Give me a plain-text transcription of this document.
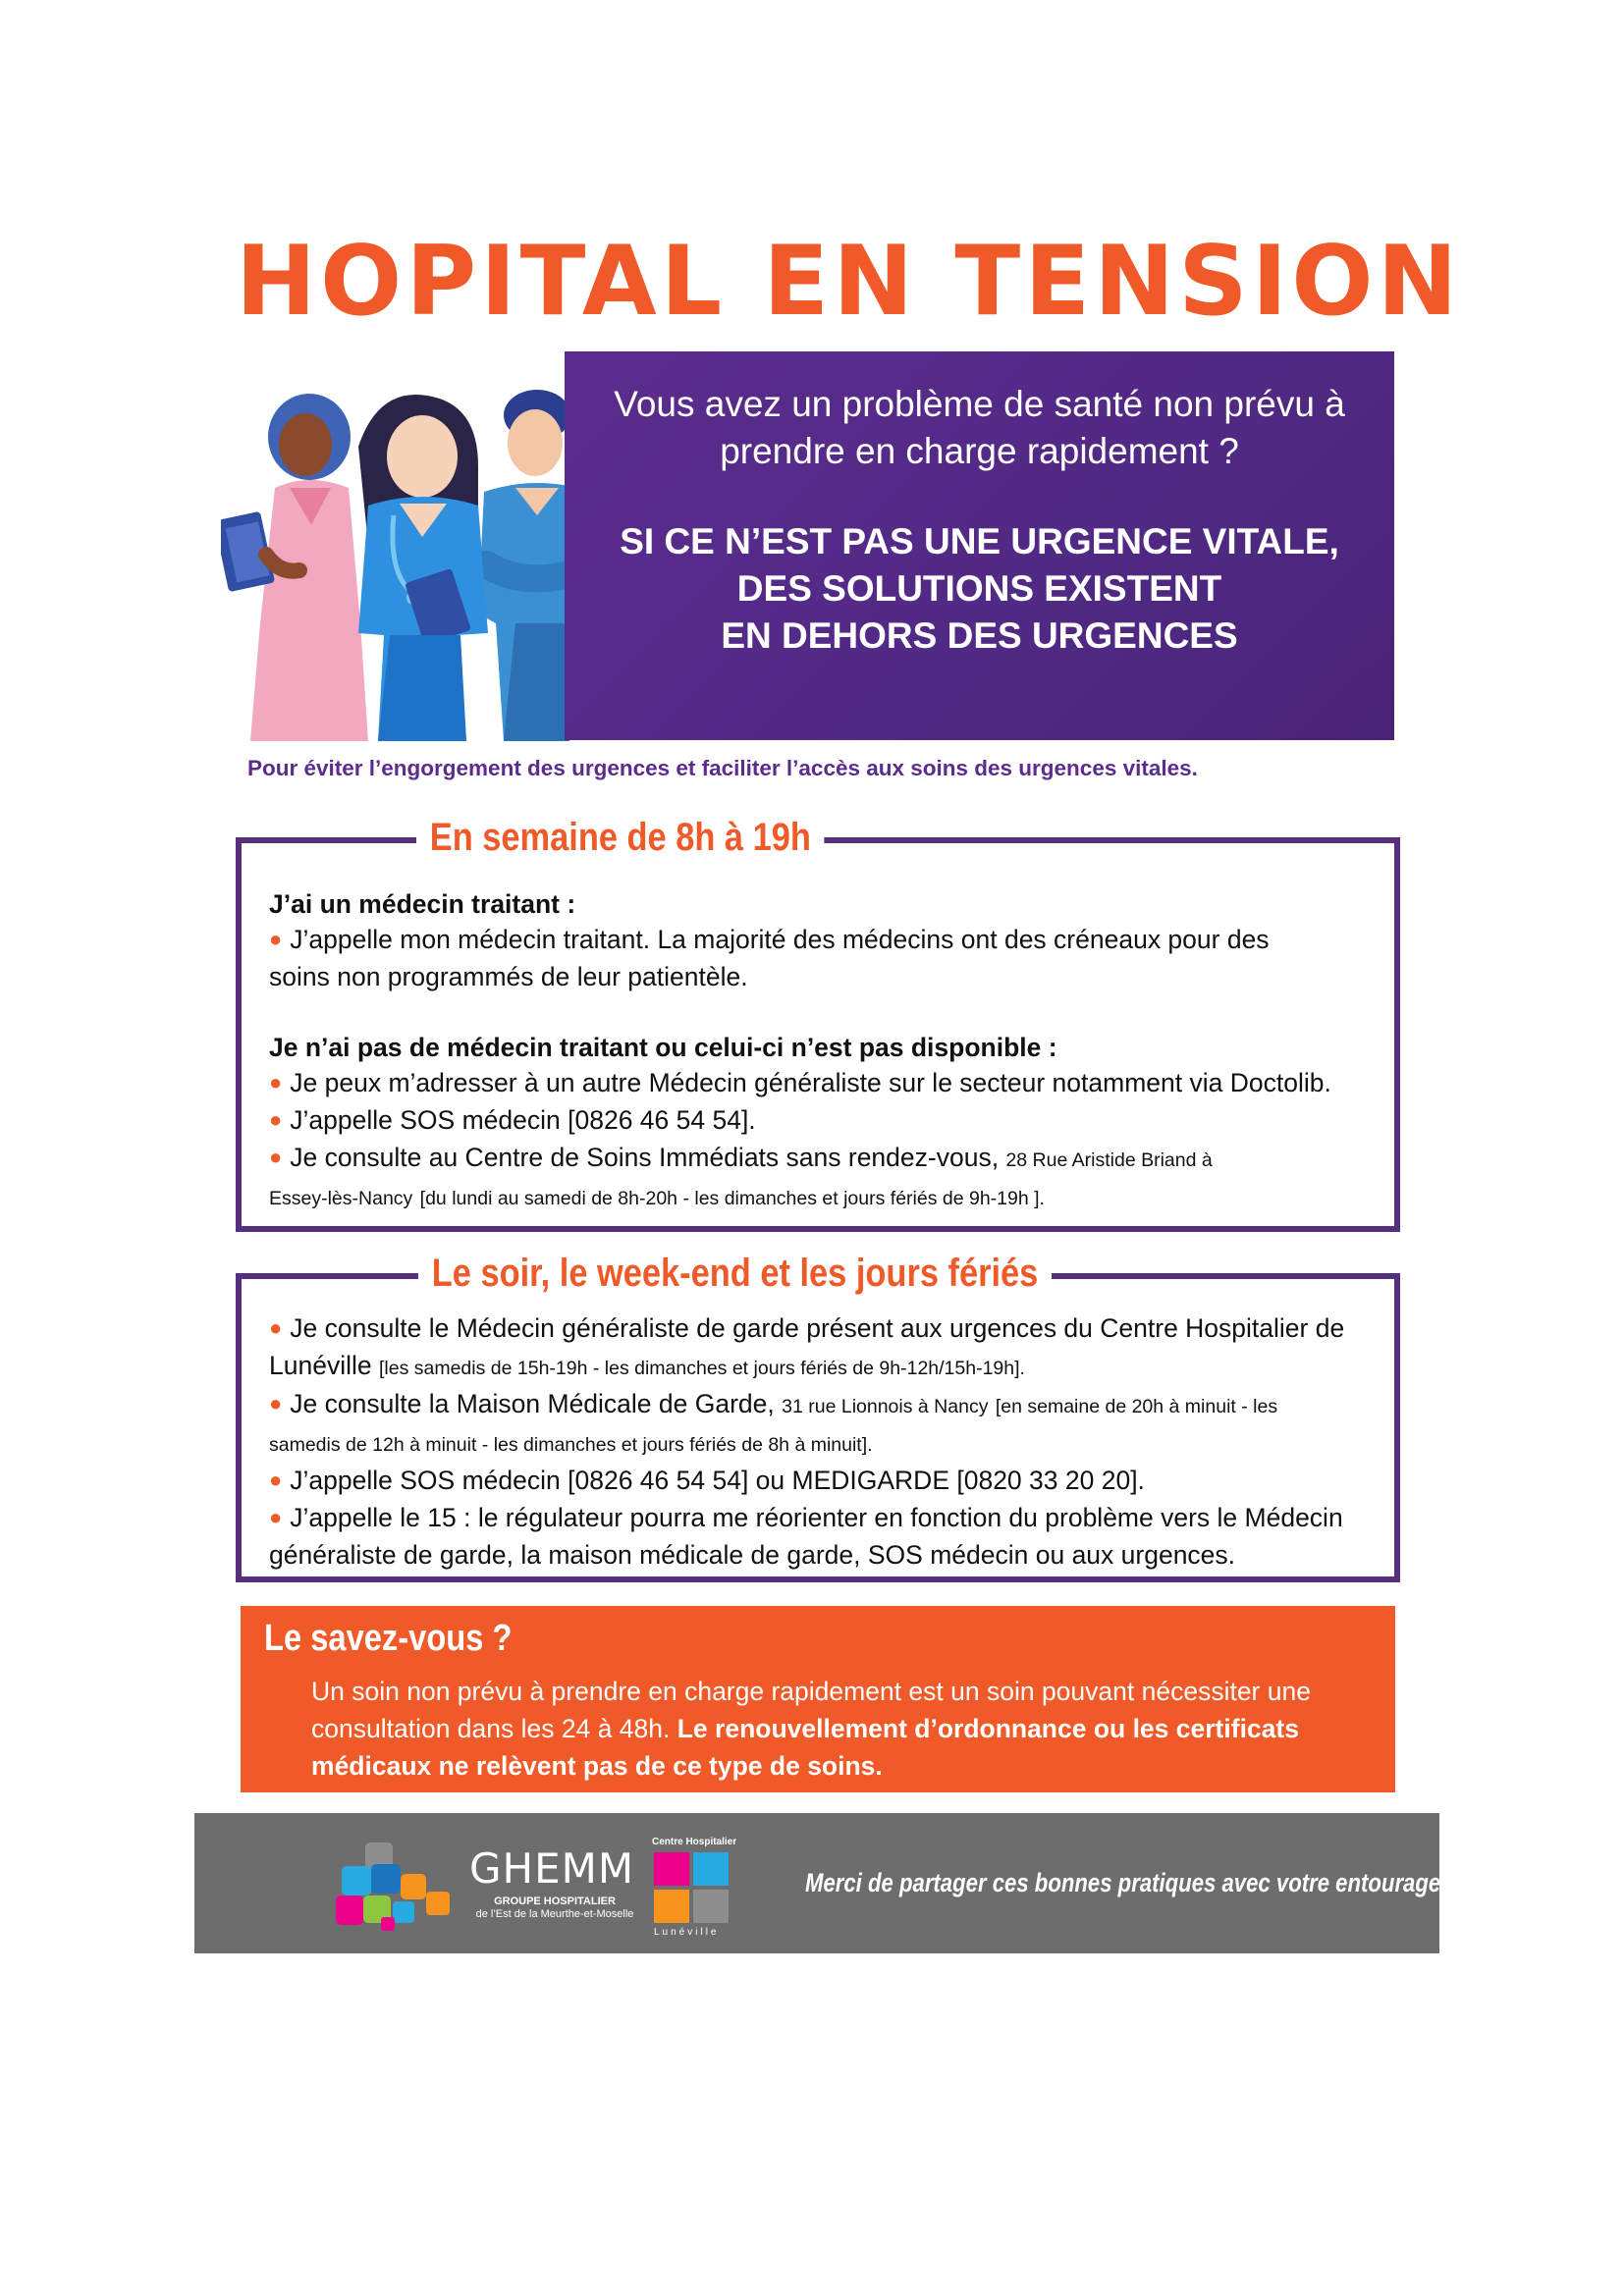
HOPITAL EN TENSION
Vous avez un problème de santé non prévu à prendre en charge rapidement ?
SI CE N’EST PAS UNE URGENCE VITALE,
DES SOLUTIONS EXISTENT
EN DEHORS DES URGENCES
Pour éviter l’engorgement des urgences et faciliter l’accès aux soins des urgences vitales.
En semaine de 8h à 19h
J’ai un médecin traitant :
● J’appelle mon médecin traitant. La majorité des médecins ont des créneaux pour des soins non programmés de leur patientèle.
Je n’ai pas de médecin traitant ou celui-ci n’est pas disponible :
● Je peux m’adresser à un autre Médecin généraliste sur le secteur notamment via Doctolib.
● J’appelle SOS médecin [0826 46 54 54].
● Je consulte au Centre de Soins Immédiats sans rendez-vous, 28 Rue Aristide Briand à
Essey-lès-Nancy [du lundi au samedi de 8h-20h - les dimanches et jours fériés de 9h-19h ].
Le soir, le week-end et les jours fériés
● Je consulte le Médecin généraliste de garde présent aux urgences du Centre Hospitalier de Lunéville [les samedis de 15h-19h - les dimanches et jours fériés de 9h-12h/15h-19h].
● Je consulte la Maison Médicale de Garde, 31 rue Lionnois à Nancy [en semaine de 20h à minuit - les samedis de 12h à minuit - les dimanches et jours fériés de 8h à minuit].
● J’appelle SOS médecin [0826 46 54 54] ou MEDIGARDE [0820 33 20 20].
● J’appelle le 15 : le régulateur pourra me réorienter en fonction du problème vers le Médecin généraliste de garde, la maison médicale de garde, SOS médecin ou aux urgences.
Le savez-vous ?
Un soin non prévu à prendre en charge rapidement est un soin pouvant nécessiter une consultation dans les 24 à 48h. Le renouvellement d’ordonnance ou les certificats médicaux ne relèvent pas de ce type de soins.
GHEMM
GROUPE HOSPITALIER
de l’Est de la Meurthe-et-Moselle
Centre Hospitalier
Lunéville
Merci de partager ces bonnes pratiques avec votre entourage.
